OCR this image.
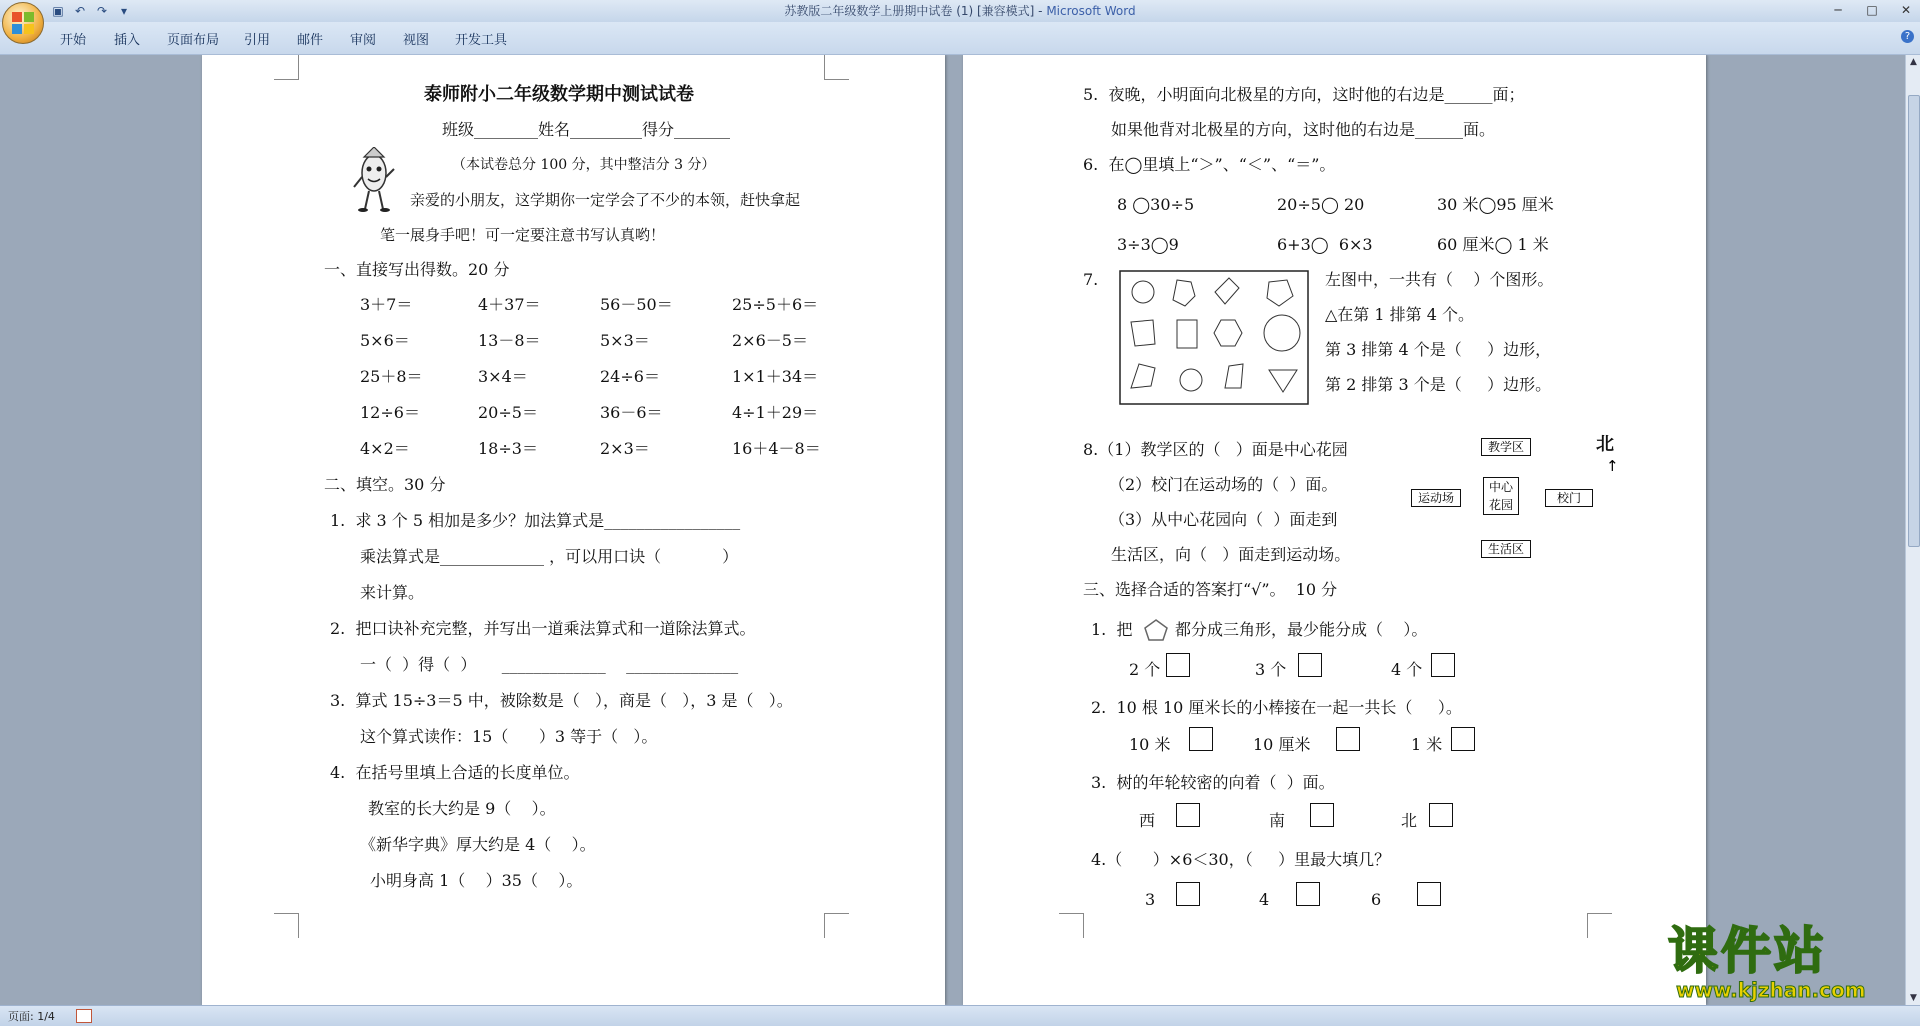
苏教版二年级数学上册期中试卷 (1) [兼容模式] - Microsoft Word
▣ ↶ ↷	▾	─	□	✕
开始 插入 页面布局 引用 邮件 审阅 视图 开发工具	?
泰师附小二年级数学期中测试试卷
班级________姓名_________得分_______
（本试卷总分 100 分，其中整洁分 3 分）
亲爱的小朋友，这学期你一定学会了不少的本领，赶快拿起
笔一展身手吧！可一定要注意书写认真哟！
一、直接写出得数。20 分
3＋7＝	4＋37＝	56－50＝	25÷5＋6＝
5×6＝	13－8＝	5×3＝	2×6－5＝
25＋8＝	3×4＝	24÷6＝	1×1＋34＝
12÷6＝	20÷5＝	36－6＝	4÷1＋29＝
4×2＝	18÷3＝	2×3＝	16＋4－8＝
二、填空。30 分
1.  求 3 个 5 相加是多少？加法算式是_________________
乘法算式是_____________ ，可以用口诀（            ）
来计算。
2.  把口诀补充完整，并写出一道乘法算式和一道除法算式。
一（  ）得（  ）     _____________    ______________
3.  算式 15÷3＝5 中，被除数是（   ），商是（   ），3 是（   ）。
这个算式读作：15（      ）3 等于（   ）。
4.  在括号里填上合适的长度单位。
教室的长大约是 9（    ）。
《新华字典》厚大约是 4（    ）。
小明身高 1（    ）35（    ）。
5.  夜晚，小明面向北极星的方向，这时他的右边是______面；
如果他背对北极星的方向，这时他的右边是______面。
6.  在◯里填上“＞”、“＜”、“＝”。
8 ◯30÷5	20÷5◯ 20	30 米◯95 厘米
3÷3◯9	6+3◯  6×3	60 厘米◯ 1 米
7.	左图中，一共有（    ）个图形。
△在第 1 排第 4 个。
第 3 排第 4 个是（     ）边形，
第 2 排第 3 个是（     ）边形。
8.（1）教学区的（   ）面是中心花园
（2）校门在运动场的（  ）面。
（3）从中心花园向（  ）面走到
生活区，向（   ）面走到运动场。
教学区	北
↑
运动场
中心花园	校门
生活区
三、选择合适的答案打“√”。  10 分
1.  把	都分成三角形，最少能分成（    ）。
2 个	3 个	4 个
2.  10 根 10 厘米长的小棒接在一起一共长（     ）。
10 米	10 厘米	1 米
3.  树的年轮较密的向着（  ）面。
西	南	北
4.（      ）×6＜30，（     ）里最大填几？
3	4	6
▲
▼
页面: 1/4
课件站
www.kjzhan.com
